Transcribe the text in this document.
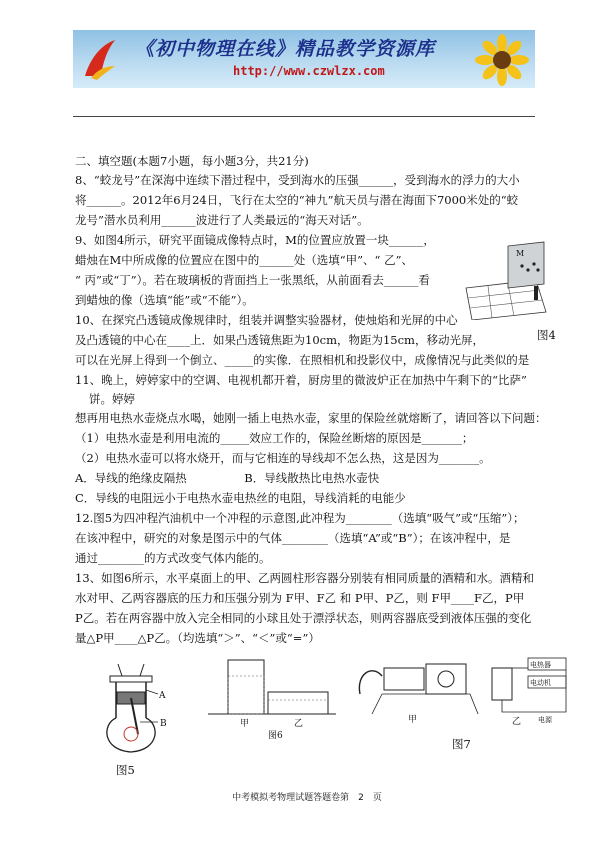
《初中物理在线》精品教学资源库
http://www.czwlzx.com
二、填空题(本题7小题，每小题3分，共21分)
8、“蛟龙号”在深海中连续下潜过程中，受到海水的压强______，受到海水的浮力的大小
将______。2012年6月24日，飞行在太空的“神九”航天员与潜在海面下7000米处的“蛟
龙号”潜水员利用______波进行了人类最远的“海天对话”。
9、如图4所示，研究平面镜成像特点时，M的位置应放置一块______，
蜡烛在M中所成像的位置应在图中的______处（选填“甲”、“ 乙”、
“ 丙”或“丁”）。若在玻璃板的背面挡上一张黑纸，从前面看去______看
到蜡烛的像（选填“能”或“不能”）。
10、在探究凸透镜成像规律时，组装并调整实验器材，使烛焰和光屏的中心
及凸透镜的中心在____上．如果凸透镜焦距为10cm，物距为15cm，移动光屏，
可以在光屏上得到一个倒立、_____的实像．在照相机和投影仪中，成像情况与此类似的是
11、晚上，婷婷家中的空调、电视机都开着，厨房里的微波炉正在加热中午剩下的“比萨”
饼。婷婷
想再用电热水壶烧点水喝，她刚一插上电热水壶，家里的保险丝就熔断了，请回答以下问题：
（1）电热水壶是利用电流的_____效应工作的，保险丝断熔的原因是_______；
（2）电热水壶可以将水烧开，而与它相连的导线却不怎么热，这是因为_______。
A．导线的绝缘皮隔热　　　　　B．导线散热比电热水壶快
C．导线的电阻远小于电热水壶电热丝的电阻，导线消耗的电能少
12.图5为四冲程汽油机中一个冲程的示意图,此冲程为________（选填“吸气”或“压缩”）；
在该冲程中，研究的对象是图示中的气体________（选填“A”或“B”）；在该冲程中，是
通过________的方式改变气体内能的。
13、如图6所示，水平桌面上的甲、乙两圆柱形容器分别装有相同质量的酒精和水。酒精和
水对甲、乙两容器底的压力和压强分别为 F甲、F乙 和 P甲、P乙，则 F甲____F乙，P甲
P乙。若在两容器中放入完全相同的小球且处于漂浮状态，则两容器底受到液体压强的变化
量△P甲____△P乙。（均选填“＞”、“＜”或“=”）
M
图4
A
B
图5
甲	乙
图6
甲
电热器
电动机
电源
乙
图7
中考模拟考物理试题答题卷第　2　页
